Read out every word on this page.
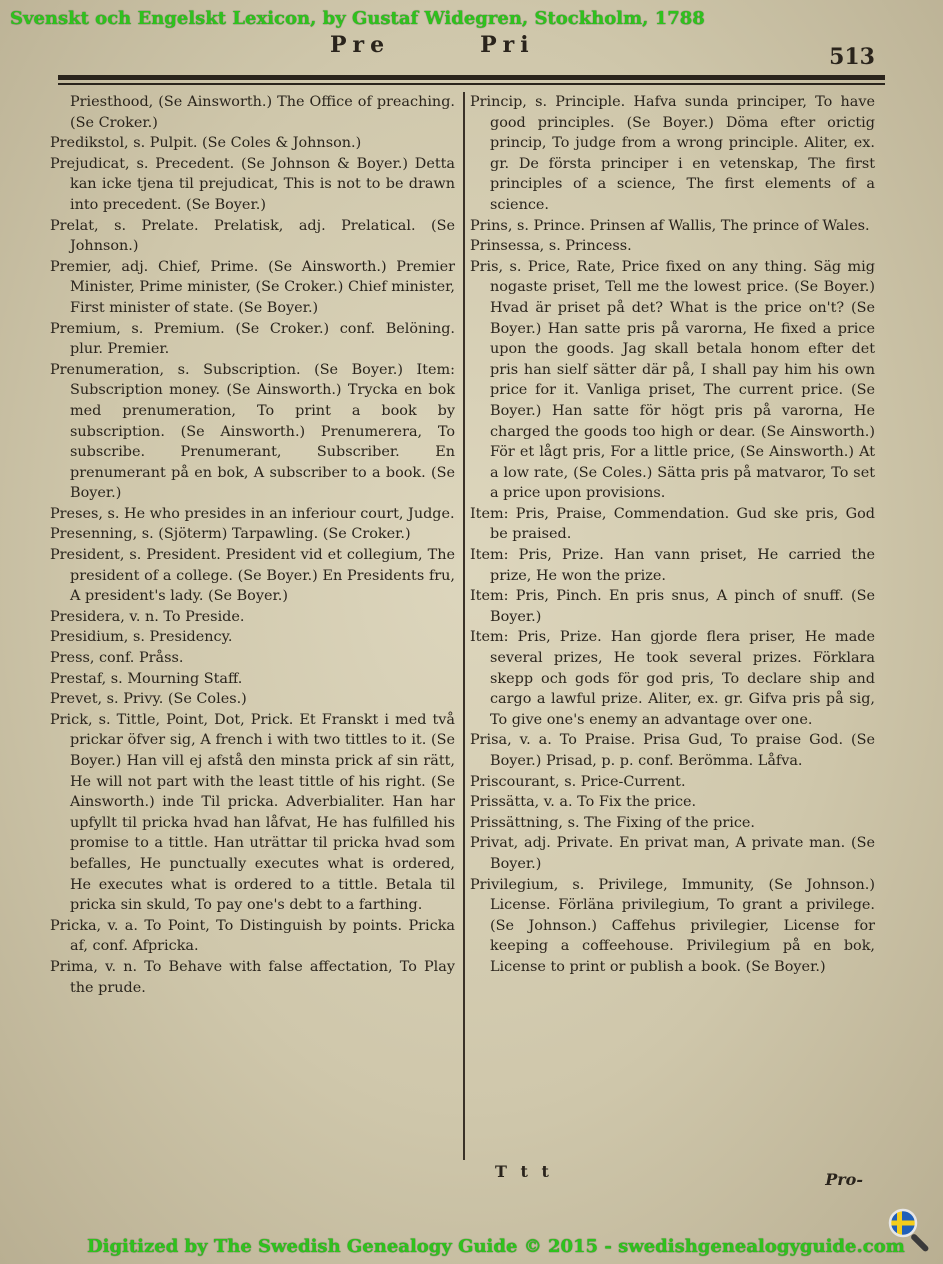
Svenskt och Engelskt Lexicon, by Gustaf Widegren, Stockholm, 1788
Pre	Pri	513

Priesthood, (Se Ainsworth.) The Office of preaching. (Se Croker.)

Predikstol, s. Pulpit. (Se Coles & Johnson.)

Prejudicat, s. Precedent. (Se Johnson & Boyer.) Detta kan icke tjena til prejudicat, This is not to be drawn into precedent. (Se Boyer.)

Prelat, s. Prelate. Prelatisk, adj. Prelatical. (Se Johnson.)

Premier, adj. Chief, Prime. (Se Ainsworth.) Premier Minister, Prime minister, (Se Croker.) Chief minister, First minister of state. (Se Boyer.)

Premium, s. Premium. (Se Croker.) conf. Belöning. plur. Premier.

Prenumeration, s. Subscription. (Se Boyer.) Item: Subscription money. (Se Ainsworth.) Trycka en bok med prenumeration, To print a book by subscription. (Se Ainsworth.) Prenumerera, To subscribe. Prenumerant, Subscriber. En prenumerant på en bok, A subscriber to a book. (Se Boyer.)

Preses, s. He who presides in an inferiour court, Judge.

Presenning, s. (Sjöterm) Tarpawling. (Se Croker.)

President, s. President. President vid et collegium, The president of a college. (Se Boyer.) En Presidents fru, A president's lady. (Se Boyer.)

Presidera, v. n. To Preside.

Presidium, s. Presidency.

Press, conf. Pråss.

Prestaf, s. Mourning Staff.

Prevet, s. Privy. (Se Coles.)

Prick, s. Tittle, Point, Dot, Prick. Et Franskt i med två prickar öfver sig, A french i with two tittles to it. (Se Boyer.) Han vill ej afstå den minsta prick af sin rätt, He will not part with the least tittle of his right. (Se Ainsworth.) inde Til pricka. Adverbialiter. Han har upfyllt til pricka hvad han låfvat, He has fulfilled his promise to a tittle. Han uträttar til pricka hvad som befalles, He punctually executes what is ordered, He executes what is ordered to a tittle. Betala til pricka sin skuld, To pay one's debt to a farthing.

Pricka, v. a. To Point, To Distinguish by points. Pricka af, conf. Afpricka.

Prima, v. n. To Behave with false affectation, To Play the prude.

Princip, s. Principle. Hafva sunda principer, To have good principles. (Se Boyer.) Döma efter orictig princip, To judge from a wrong principle. Aliter, ex. gr. De första principer i en vetenskap, The first principles of a science, The first elements of a science.

Prins, s. Prince. Prinsen af Wallis, The prince of Wales.

Prinsessa, s. Princess.

Pris, s. Price, Rate, Price fixed on any thing. Säg mig nogaste priset, Tell me the lowest price. (Se Boyer.) Hvad är priset på det? What is the price on't? (Se Boyer.) Han satte pris på varorna, He fixed a price upon the goods. Jag skall betala honom efter det pris han sielf sätter där på, I shall pay him his own price for it. Vanliga priset, The current price. (Se Boyer.) Han satte för högt pris på varorna, He charged the goods too high or dear. (Se Ainsworth.) För et lågt pris, For a little price, (Se Ainsworth.) At a low rate, (Se Coles.) Sätta pris på matvaror, To set a price upon provisions.

Item: Pris, Praise, Commendation. Gud ske pris, God be praised.

Item: Pris, Prize. Han vann priset, He carried the prize, He won the prize.

Item: Pris, Pinch. En pris snus, A pinch of snuff. (Se Boyer.)

Item: Pris, Prize. Han gjorde flera priser, He made several prizes, He took several prizes. Förklara skepp och gods för god pris, To declare ship and cargo a lawful prize. Aliter, ex. gr. Gifva pris på sig, To give one's enemy an advantage over one.

Prisa, v. a. To Praise. Prisa Gud, To praise God. (Se Boyer.) Prisad, p. p. conf. Berömma. Låfva.

Priscourant, s. Price-Current.

Prissätta, v. a. To Fix the price.

Prissättning, s. The Fixing of the price.

Privat, adj. Private. En privat man, A private man. (Se Boyer.)

Privilegium, s. Privilege, Immunity, (Se Johnson.) License. Förläna privilegium, To grant a privilege. (Se Johnson.) Caffehus privilegier, License for keeping a coffeehouse. Privilegium på en bok, License to print or publish a book. (Se Boyer.)

T t t	Pro-
Digitized by The Swedish Genealogy Guide © 2015 - swedishgenealogyguide.com
